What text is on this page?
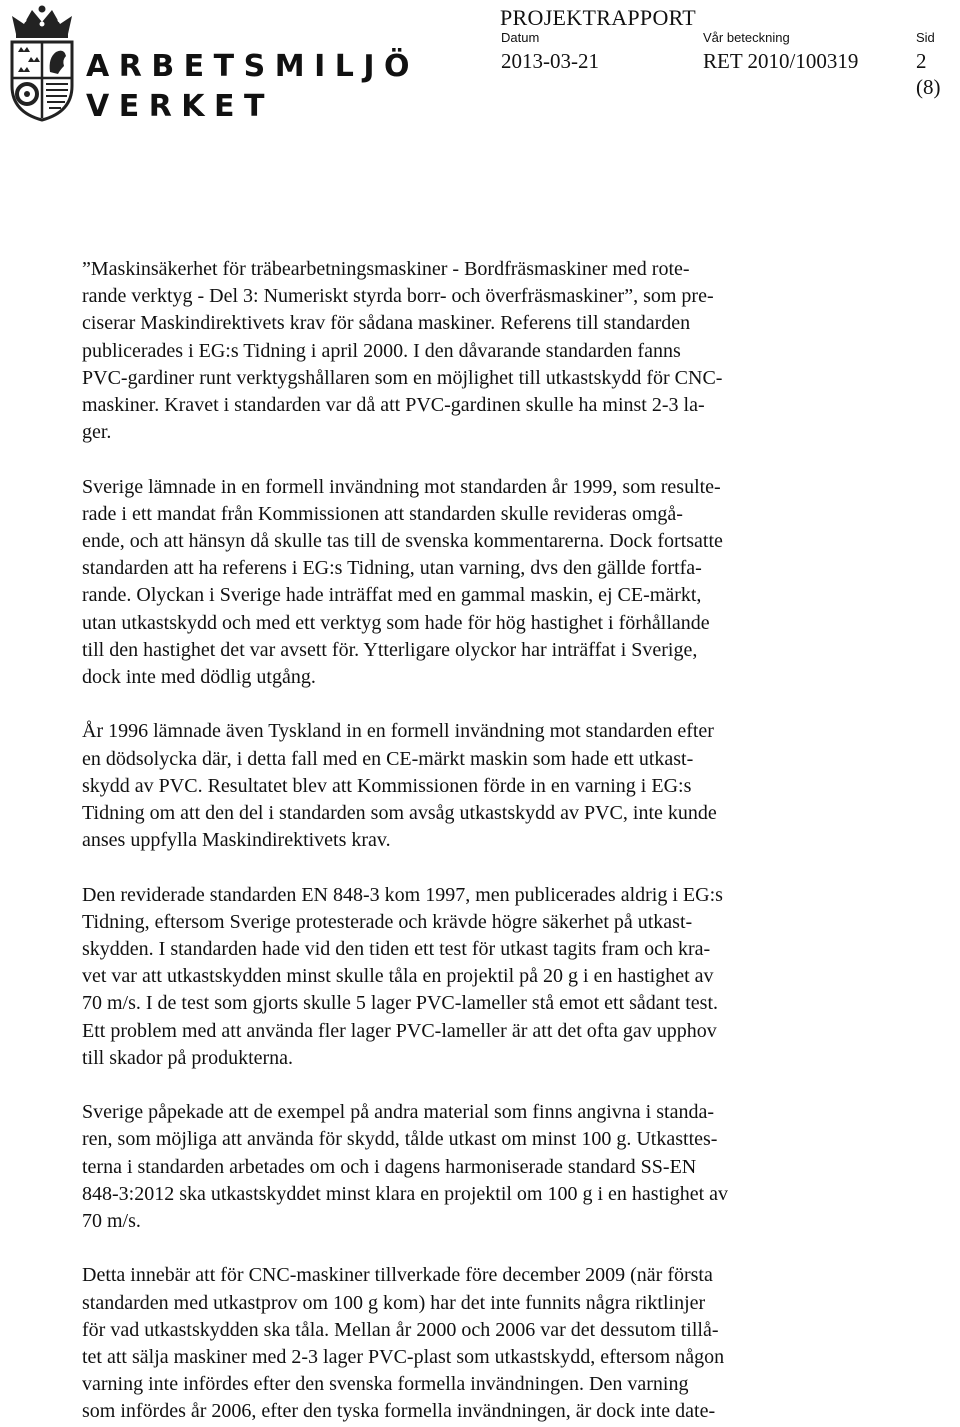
ARBETSMILJÖ
VERKET
PROJEKTRAPPORT
Datum
2013-03-21
Vår beteckning
RET 2010/100319
Sid
2 (8)

”Maskinsäkerhet för träbearbetningsmaskiner - Bordfräsmaskiner med rote-
rande verktyg - Del 3: Numeriskt styrda borr- och överfräsmaskiner”, som pre-
ciserar Maskindirektivets krav för sådana maskiner. Referens till standarden
publicerades i EG:s Tidning i april 2000. I den dåvarande standarden fanns
PVC-gardiner runt verktygshållaren som en möjlighet till utkastskydd för CNC-
maskiner. Kravet i standarden var då att PVC-gardinen skulle ha minst 2-3 la-
ger.

Sverige lämnade in en formell invändning mot standarden år 1999, som resulte-
rade i ett mandat från Kommissionen att standarden skulle revideras omgå-
ende, och att hänsyn då skulle tas till de svenska kommentarerna. Dock fortsatte
standarden att ha referens i EG:s Tidning, utan varning, dvs den gällde fortfa-
rande. Olyckan i Sverige hade inträffat med en gammal maskin, ej CE-märkt,
utan utkastskydd och med ett verktyg som hade för hög hastighet i förhållande
till den hastighet det var avsett för. Ytterligare olyckor har inträffat i Sverige,
dock inte med dödlig utgång.

År 1996 lämnade även Tyskland in en formell invändning mot standarden efter
en dödsolycka där, i detta fall med en CE-märkt maskin som hade ett utkast-
skydd av PVC. Resultatet blev att Kommissionen förde in en varning i EG:s
Tidning om att den del i standarden som avsåg utkastskydd av PVC, inte kunde
anses uppfylla Maskindirektivets krav.

Den reviderade standarden EN 848-3 kom 1997, men publicerades aldrig i EG:s
Tidning, eftersom Sverige protesterade och krävde högre säkerhet på utkast-
skydden. I standarden hade vid den tiden ett test för utkast tagits fram och kra-
vet var att utkastskydden minst skulle tåla en projektil på 20 g i en hastighet av
70 m/s. I de test som gjorts skulle 5 lager PVC-lameller stå emot ett sådant test.
Ett problem med att använda fler lager PVC-lameller är att det ofta gav upphov
till skador på produkterna.

Sverige påpekade att de exempel på andra material som finns angivna i standa-
ren, som möjliga att använda för skydd, tålde utkast om minst 100 g. Utkasttes-
terna i standarden arbetades om och i dagens harmoniserade standard SS-EN
848-3:2012 ska utkastskyddet minst klara en projektil om 100 g i en hastighet av
70 m/s.

Detta innebär att för CNC-maskiner tillverkade före december 2009 (när första
standarden med utkastprov om 100 g kom) har det inte funnits några riktlinjer
för vad utkastskydden ska tåla. Mellan år 2000 och 2006 var det dessutom tillå-
tet att sälja maskiner med 2-3 lager PVC-plast som utkastskydd, eftersom någon
varning inte infördes efter den svenska formella invändningen. Den varning
som infördes år 2006, efter den tyska formella invändningen, är dock inte date-
